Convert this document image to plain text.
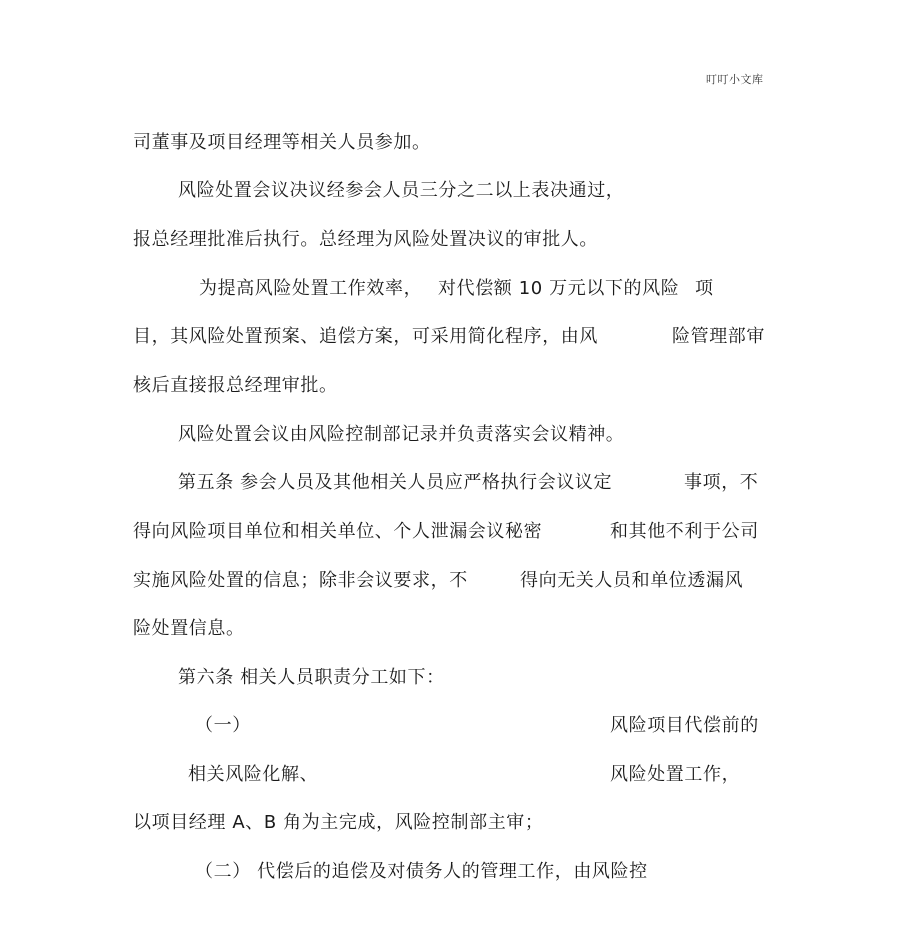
叮叮小文库
司董事及项目经理等相关人员参加。
风险处置会议决议经参会人员三分之二以上表决通过，
报总经理批准后执行。总经理为风险处置决议的审批人。
为提高风险处置工作效率， 对代偿额 10 万元以下的风险 项
目，其风险处置预案、追偿方案，可采用简化程序，由风	险管理部审
核后直接报总经理审批。
风险处置会议由风险控制部记录并负责落实会议精神。
第五条 参会人员及其他相关人员应严格执行会议议定	事项，不
得向风险项目单位和相关单位、个人泄漏会议秘密	和其他不利于公司
实施风险处置的信息；除非会议要求，不	得向无关人员和单位透漏风
险处置信息。
第六条 相关人员职责分工如下：
（一）	风险项目代偿前的
相关风险化解、	风险处置工作，
以项目经理 A、B 角为主完成，风险控制部主审；
（二） 代偿后的追偿及对债务人的管理工作，由风险控
